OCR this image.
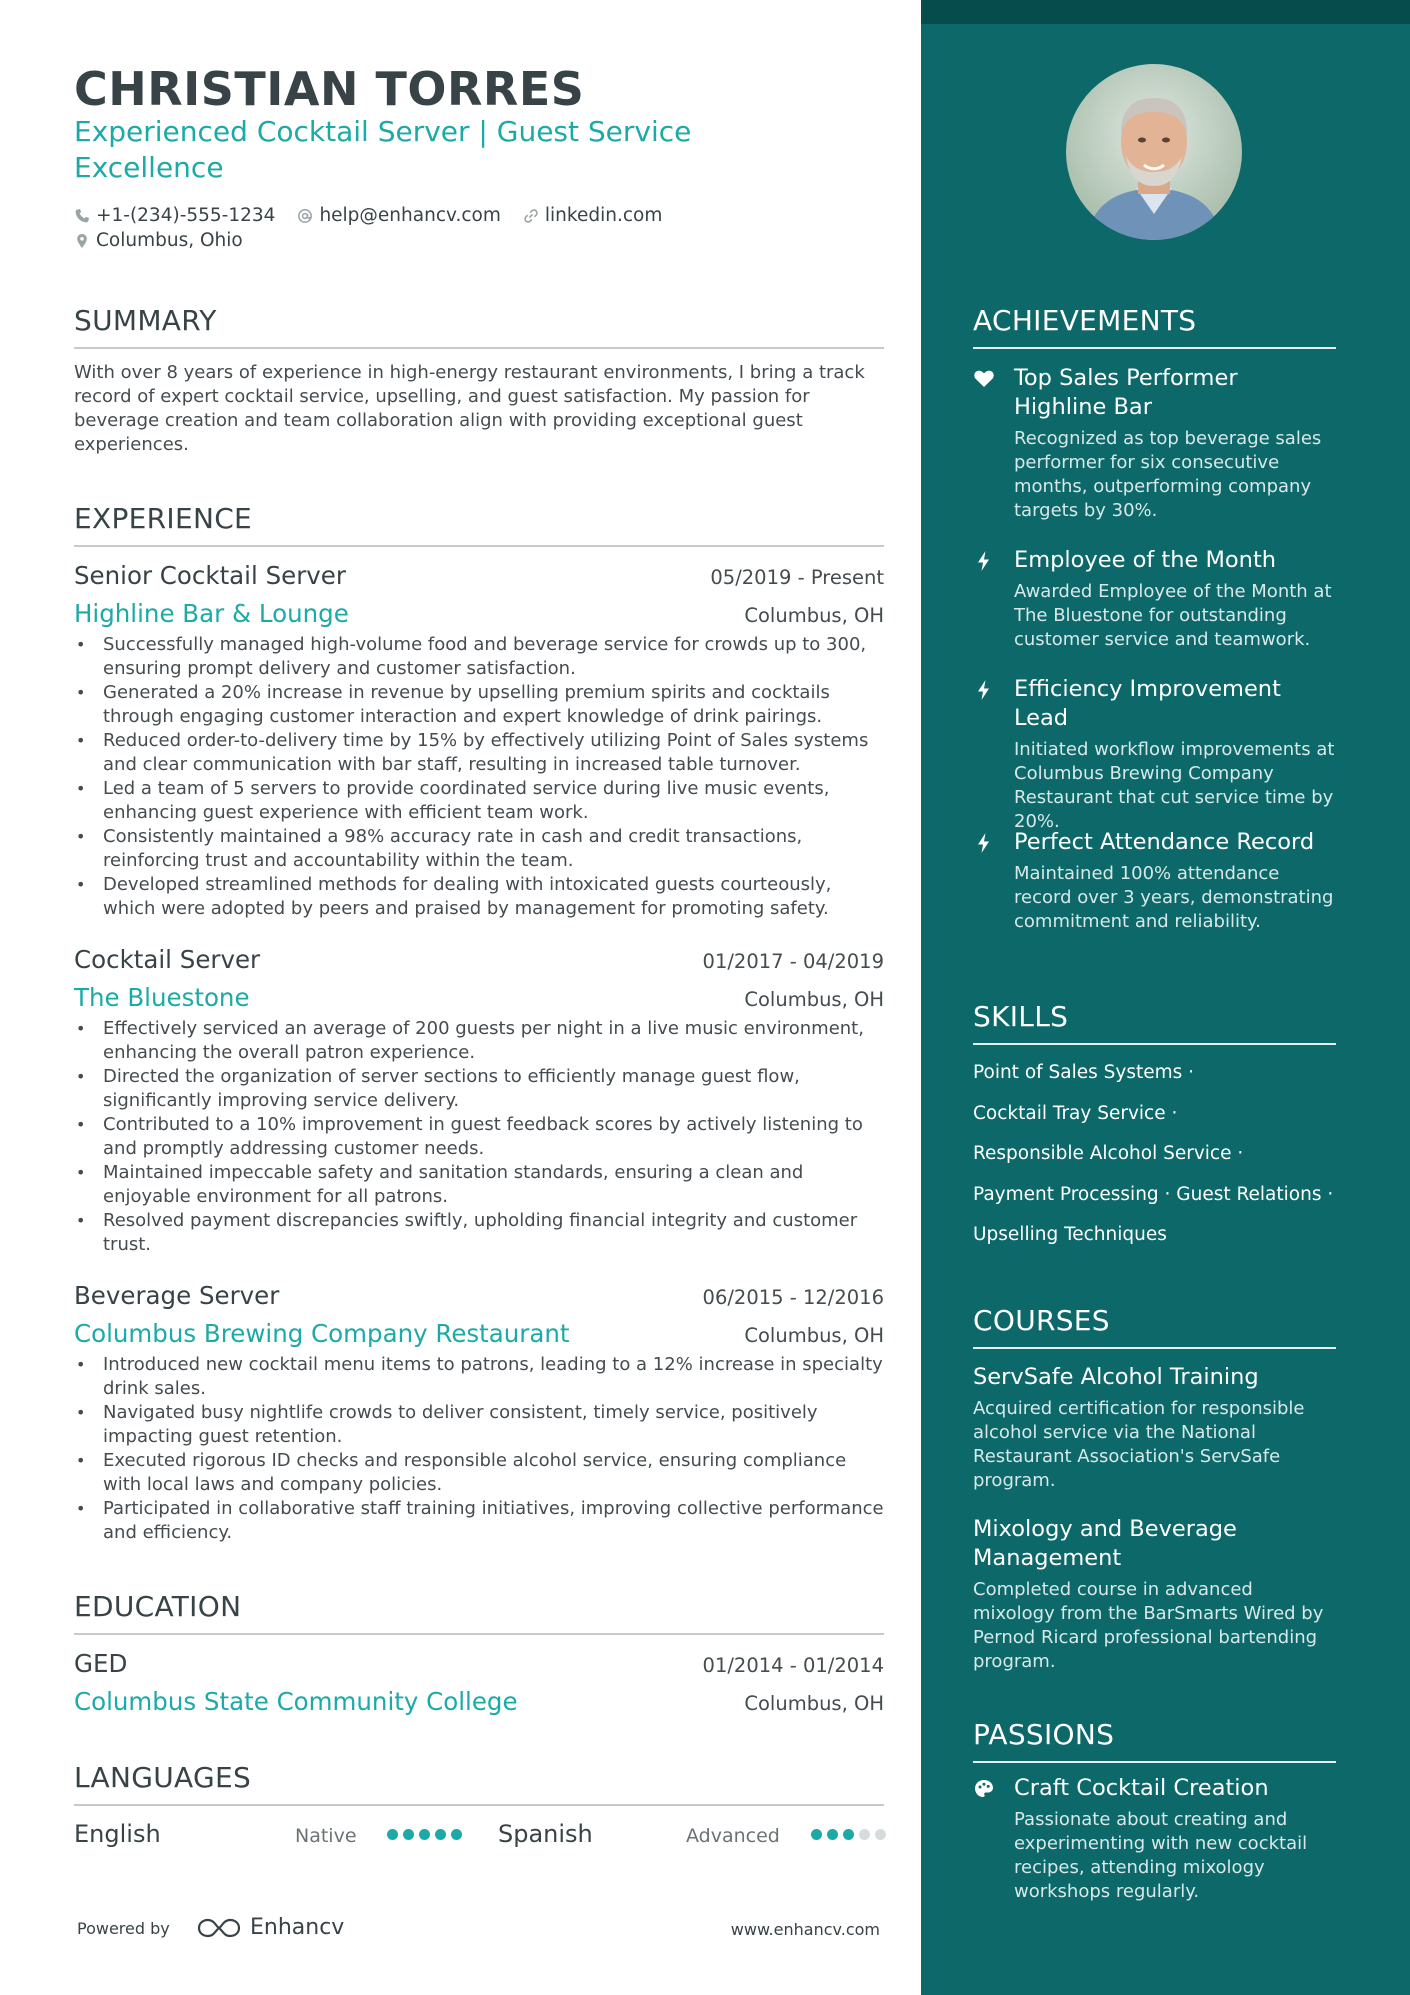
CHRISTIAN TORRES
Experienced Cocktail Server | Guest Service Excellence
+1-(234)-555-1234 help@enhancv.com linkedin.com
Columbus, Ohio
SUMMARY
With over 8 years of experience in high-energy restaurant environments, I bring a track record of expert cocktail service, upselling, and guest satisfaction. My passion for beverage creation and team collaboration align with providing exceptional guest experiences.
EXPERIENCE
Senior Cocktail Server	05/2019 - Present
Highline Bar & Lounge	Columbus, OH
• Successfully managed high-volume food and beverage service for crowds up to 300, ensuring prompt delivery and customer satisfaction.
• Generated a 20% increase in revenue by upselling premium spirits and cocktails through engaging customer interaction and expert knowledge of drink pairings.
• Reduced order-to-delivery time by 15% by effectively utilizing Point of Sales systems and clear communication with bar staff, resulting in increased table turnover.
• Led a team of 5 servers to provide coordinated service during live music events, enhancing guest experience with efficient team work.
• Consistently maintained a 98% accuracy rate in cash and credit transactions, reinforcing trust and accountability within the team.
• Developed streamlined methods for dealing with intoxicated guests courteously, which were adopted by peers and praised by management for promoting safety.
Cocktail Server	01/2017 - 04/2019
The Bluestone	Columbus, OH
• Effectively serviced an average of 200 guests per night in a live music environment, enhancing the overall patron experience.
• Directed the organization of server sections to efficiently manage guest flow, significantly improving service delivery.
• Contributed to a 10% improvement in guest feedback scores by actively listening to and promptly addressing customer needs.
• Maintained impeccable safety and sanitation standards, ensuring a clean and enjoyable environment for all patrons.
• Resolved payment discrepancies swiftly, upholding financial integrity and customer trust.
Beverage Server	06/2015 - 12/2016
Columbus Brewing Company Restaurant	Columbus, OH
• Introduced new cocktail menu items to patrons, leading to a 12% increase in specialty drink sales.
• Navigated busy nightlife crowds to deliver consistent, timely service, positively impacting guest retention.
• Executed rigorous ID checks and responsible alcohol service, ensuring compliance with local laws and company policies.
• Participated in collaborative staff training initiatives, improving collective performance and efficiency.
EDUCATION
GED	01/2014 - 01/2014
Columbus State Community College	Columbus, OH
LANGUAGES
English	Native	Spanish	Advanced
Powered by	Enhancv	www.enhancv.com
ACHIEVEMENTS
Top Sales Performer Highline Bar
Recognized as top beverage sales performer for six consecutive months, outperforming company targets by 30%.
Employee of the Month
Awarded Employee of the Month at The Bluestone for outstanding customer service and teamwork.
Efficiency Improvement Lead
Initiated workflow improvements at Columbus Brewing Company Restaurant that cut service time by 20%.
Perfect Attendance Record
Maintained 100% attendance record over 3 years, demonstrating commitment and reliability.
SKILLS
Point of Sales Systems ·
Cocktail Tray Service ·
Responsible Alcohol Service ·
Payment Processing · Guest Relations ·
Upselling Techniques
COURSES
ServSafe Alcohol Training
Acquired certification for responsible alcohol service via the National Restaurant Association's ServSafe program.
Mixology and Beverage Management
Completed course in advanced mixology from the BarSmarts Wired by Pernod Ricard professional bartending program.
PASSIONS
Craft Cocktail Creation
Passionate about creating and experimenting with new cocktail recipes, attending mixology workshops regularly.
